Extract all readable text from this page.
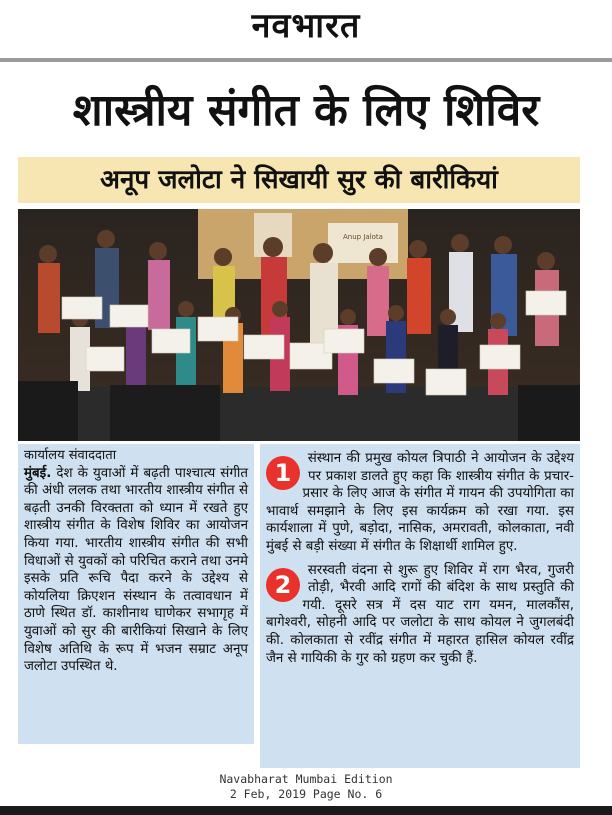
नवभारत
शास्त्रीय संगीत के लिए शिविर
अनूप जलोटा ने सिखायी सुर की बारीकियां
Anup Jalota
कार्यालय संवाददाता
मुंबई. देश के युवाओं में बढ़ती पाश्चात्य संगीत की अंधी ललक तथा भारतीय शास्त्रीय संगीत से बढ़ती उनकी विरक्तता को ध्यान में रखते हुए शास्त्रीय संगीत के विशेष शिविर का आयोजन किया गया. भारतीय शास्त्रीय संगीत की सभी विधाओं से युवकों को परिचित कराने तथा उनमे इसके प्रति रूचि पैदा करने के उद्देश्य से कोयलिया क्रिएशन संस्थान के तत्वावधान में ठाणे स्थित डॉ. काशीनाथ घाणेकर सभागृह में युवाओं को सुर की बारीकियां सिखाने के लिए विशेष अतिथि के रूप में भजन सम्राट अनूप जलोटा उपस्थित थे.
1
संस्थान की प्रमुख कोयल त्रिपाठी ने आयोजन के उद्देश्य पर प्रकाश डालते हुए कहा कि शास्त्रीय संगीत के प्रचार-प्रसार के लिए आज के संगीत में गायन की उपयोगिता का भावार्थ समझाने के लिए इस कार्यक्रम को रखा गया. इस कार्यशाला में पुणे, बड़ोदा, नासिक, अमरावती, कोलकाता, नवी मुंबई से बड़ी संख्या में संगीत के शिक्षार्थी शामिल हुए.
2
सरस्वती वंदना से शुरू हुए शिविर में राग भैरव, गुजरी तोड़ी, भैरवी आदि रागों की बंदिश के साथ प्रस्तुति की गयी. दूसरे सत्र में दस याट राग यमन, मालकौंस, बागेश्वरी, सोहनी आदि पर जलोटा के साथ कोयल ने जुगलबंदी की. कोलकाता से रवींद्र संगीत में महारत हासिल कोयल रवींद्र जैन से गायिकी के गुर को ग्रहण कर चुकी हैं.
Navabharat Mumbai Edition
2 Feb, 2019 Page No. 6
